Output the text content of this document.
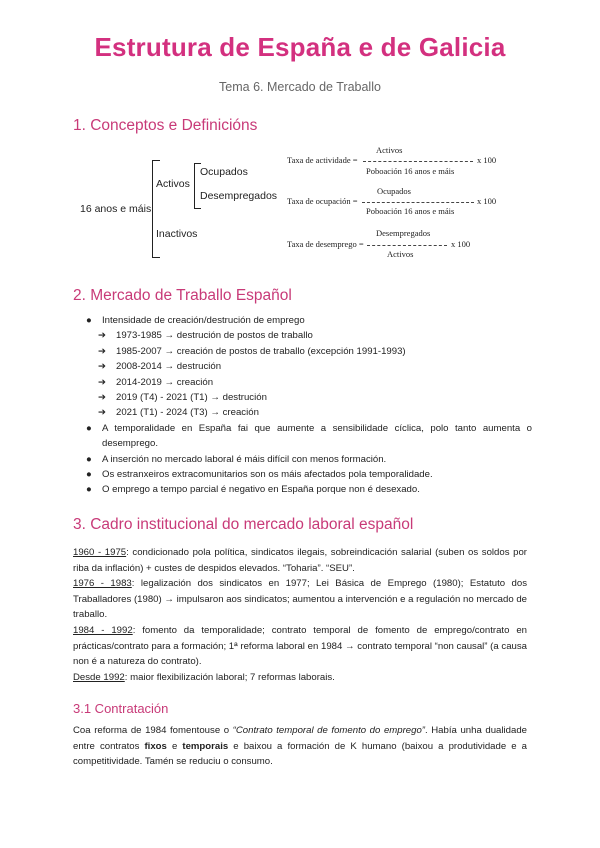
Estrutura de España e de Galicia
Tema 6. Mercado de Traballo
1. Conceptos e Definicións
16 anos e máis
Activos
Ocupados
Desempregados
Inactivos
Activos
Taxa de actividade =	x 100
Poboación 16 anos e máis
Ocupados
Taxa de ocupación =	x 100
Poboación 16 anos e máis
Desempregados
Taxa de desemprego =	x 100
Activos
2. Mercado de Traballo Español
● Intensidade de creación/destrución de emprego
➔ 1973-1985 → destrución de postos de traballo
➔ 1985-2007 → creación de postos de traballo (excepción 1991-1993)
➔ 2008-2014 → destrución
➔ 2014-2019 → creación
➔ 2019 (T4) - 2021 (T1) → destrución
➔ 2021 (T1) - 2024 (T3) → creación
● A temporalidade en España fai que aumente a sensibilidade cíclica, polo tanto aumenta o desemprego.
● A inserción no mercado laboral é máis difícil con menos formación.
● Os estranxeiros extracomunitarios son os máis afectados pola temporalidade.
● O emprego a tempo parcial é negativo en España porque non é desexado.
3. Cadro institucional do mercado laboral español
1960 - 1975: condicionado pola política, sindicatos ilegais, sobreindicación salarial (suben os soldos por riba da inflación) + custes de despidos elevados. “Toharia”. “SEU”.
1976 - 1983: legalización dos sindicatos en 1977; Lei Básica de Emprego (1980); Estatuto dos Traballadores (1980) → impulsaron aos sindicatos; aumentou a intervención e a regulación no mercado de traballo.
1984 - 1992: fomento da temporalidade; contrato temporal de fomento de emprego/contrato en prácticas/contrato para a formación; 1ª reforma laboral en 1984 → contrato temporal “non causal” (a causa non é a natureza do contrato).
Desde 1992: maior flexibilización laboral; 7 reformas laborais.
3.1 Contratación
Coa reforma de 1984 fomentouse o “Contrato temporal de fomento do emprego”. Había unha dualidade entre contratos fixos e temporais e baixou a formación de K humano (baixou a produtividade e a competitividade. Tamén se reduciu o consumo.
